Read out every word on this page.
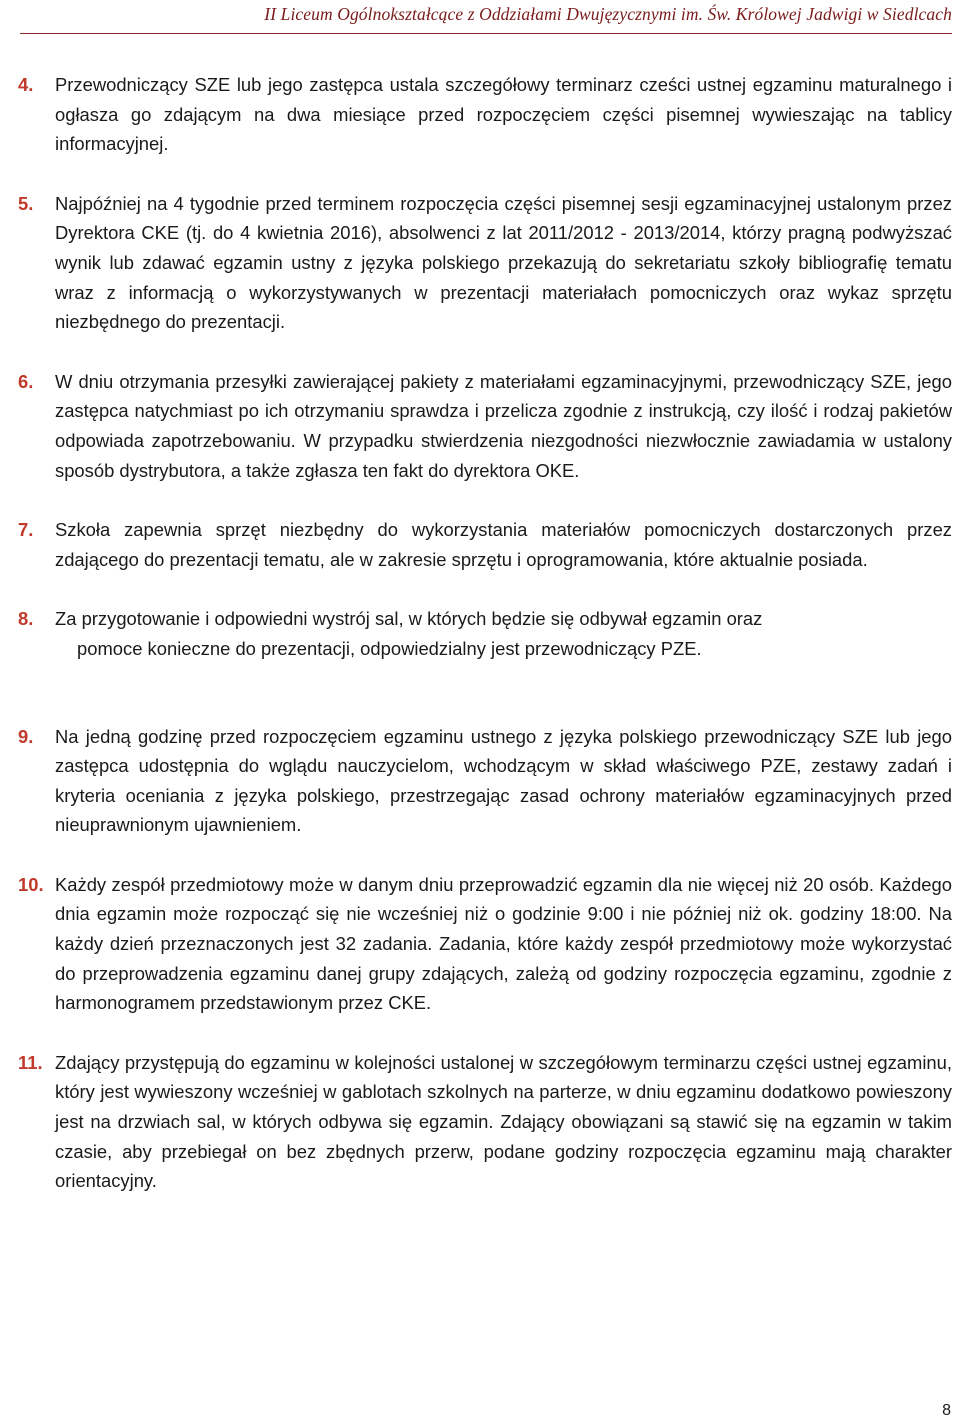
II Liceum Ogólnokształcące z Oddziałami Dwujęzycznymi im. Św. Królowej Jadwigi w Siedlcach
4. Przewodniczący SZE lub jego zastępca ustala szczegółowy terminarz cześci ustnej egzaminu maturalnego i ogłasza go zdającym na dwa miesiące przed rozpoczęciem części pisemnej wywieszając na tablicy informacyjnej.
5. Najpóźniej na 4 tygodnie przed terminem rozpoczęcia części pisemnej sesji egzaminacyjnej ustalonym przez Dyrektora CKE (tj. do 4 kwietnia 2016), absolwenci z lat 2011/2012 - 2013/2014, którzy pragną podwyższać wynik lub zdawać egzamin ustny z języka polskiego przekazują do sekretariatu szkoły bibliografię tematu wraz z informacją o wykorzystywanych w prezentacji materiałach pomocniczych oraz wykaz sprzętu niezbędnego do prezentacji.
6. W dniu otrzymania przesyłki zawierającej pakiety z materiałami egzaminacyjnymi, przewodniczący SZE, jego zastępca natychmiast po ich otrzymaniu sprawdza i przelicza zgodnie z instrukcją, czy ilość i rodzaj pakietów odpowiada zapotrzebowaniu. W przypadku stwierdzenia niezgodności niezwłocznie zawiadamia w ustalony sposób dystrybutora, a także zgłasza ten fakt do dyrektora OKE.
7. Szkoła zapewnia sprzęt niezbędny do wykorzystania materiałów pomocniczych dostarczonych przez zdającego do prezentacji tematu, ale w zakresie sprzętu i oprogramowania, które aktualnie posiada.
8. Za przygotowanie i odpowiedni wystrój sal, w których będzie się odbywał egzamin oraz
pomoce konieczne do prezentacji, odpowiedzialny jest przewodniczący PZE.
9. Na jedną godzinę przed rozpoczęciem egzaminu ustnego z języka polskiego przewodniczący SZE lub jego zastępca udostępnia do wglądu nauczycielom, wchodzącym w skład właściwego PZE, zestawy zadań i kryteria oceniania z języka polskiego, przestrzegając zasad ochrony materiałów egzaminacyjnych przed nieuprawnionym ujawnieniem.
10. Każdy zespół przedmiotowy może w danym dniu przeprowadzić egzamin dla nie więcej niż 20 osób. Każdego dnia egzamin może rozpocząć się nie wcześniej niż o godzinie 9:00 i nie później niż ok. godziny 18:00. Na każdy dzień przeznaczonych jest 32 zadania. Zadania, które każdy zespół przedmiotowy może wykorzystać do przeprowadzenia egzaminu danej grupy zdających, zależą od godziny rozpoczęcia egzaminu, zgodnie z harmonogramem przedstawionym przez CKE.
11. Zdający przystępują do egzaminu w kolejności ustalonej w szczegółowym terminarzu części ustnej egzaminu, który jest wywieszony wcześniej w gablotach szkolnych na parterze, w dniu egzaminu dodatkowo powieszony jest na drzwiach sal, w których odbywa się egzamin. Zdający obowiązani są stawić się na egzamin w takim czasie, aby przebiegał on bez zbędnych przerw, podane godziny rozpoczęcia egzaminu mają charakter orientacyjny.
8
